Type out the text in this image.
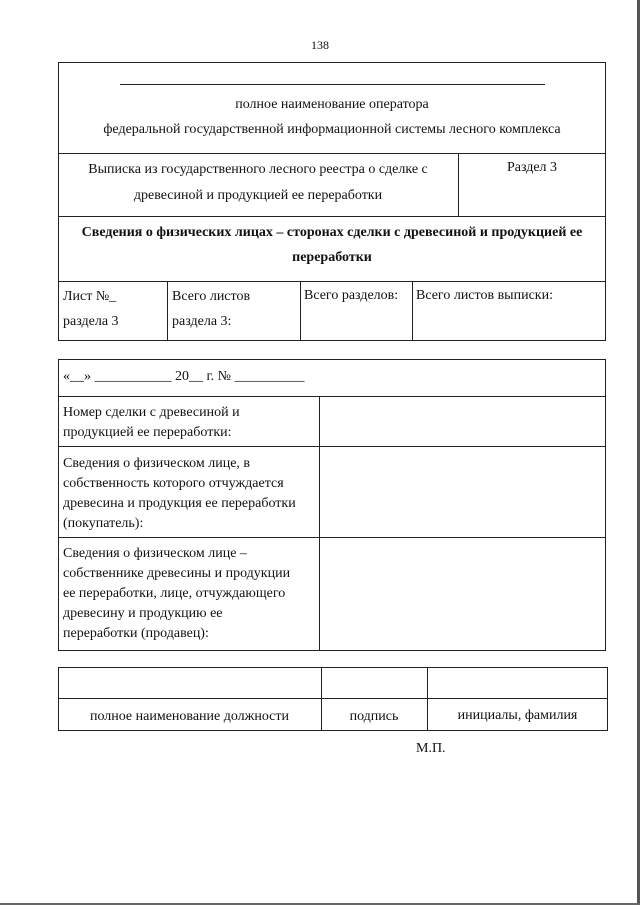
138
полное наименование оператора
федеральной государственной информационной системы лесного комплекса
Выписка из государственного лесного реестра о сделке с
древесиной и продукцией ее переработки
Раздел 3
Сведения о физических лицах – сторонах сделки с древесиной и продукцией ее
переработки
Лист №_
раздела 3
Всего листов
раздела 3:
Всего разделов: Всего листов выписки:
«__» ___________ 20__ г. № __________
Номер сделки с древесиной и
продукцией ее переработки:
Сведения о физическом лице, в
собственность которого отчуждается
древесина и продукция ее переработки
(покупатель):
Сведения о физическом лице –
собственнике древесины и продукции
ее переработки, лице, отчуждающего
древесину и продукцию ее
переработки (продавец):
полное наименование должности	подпись	инициалы, фамилия
М.П.
